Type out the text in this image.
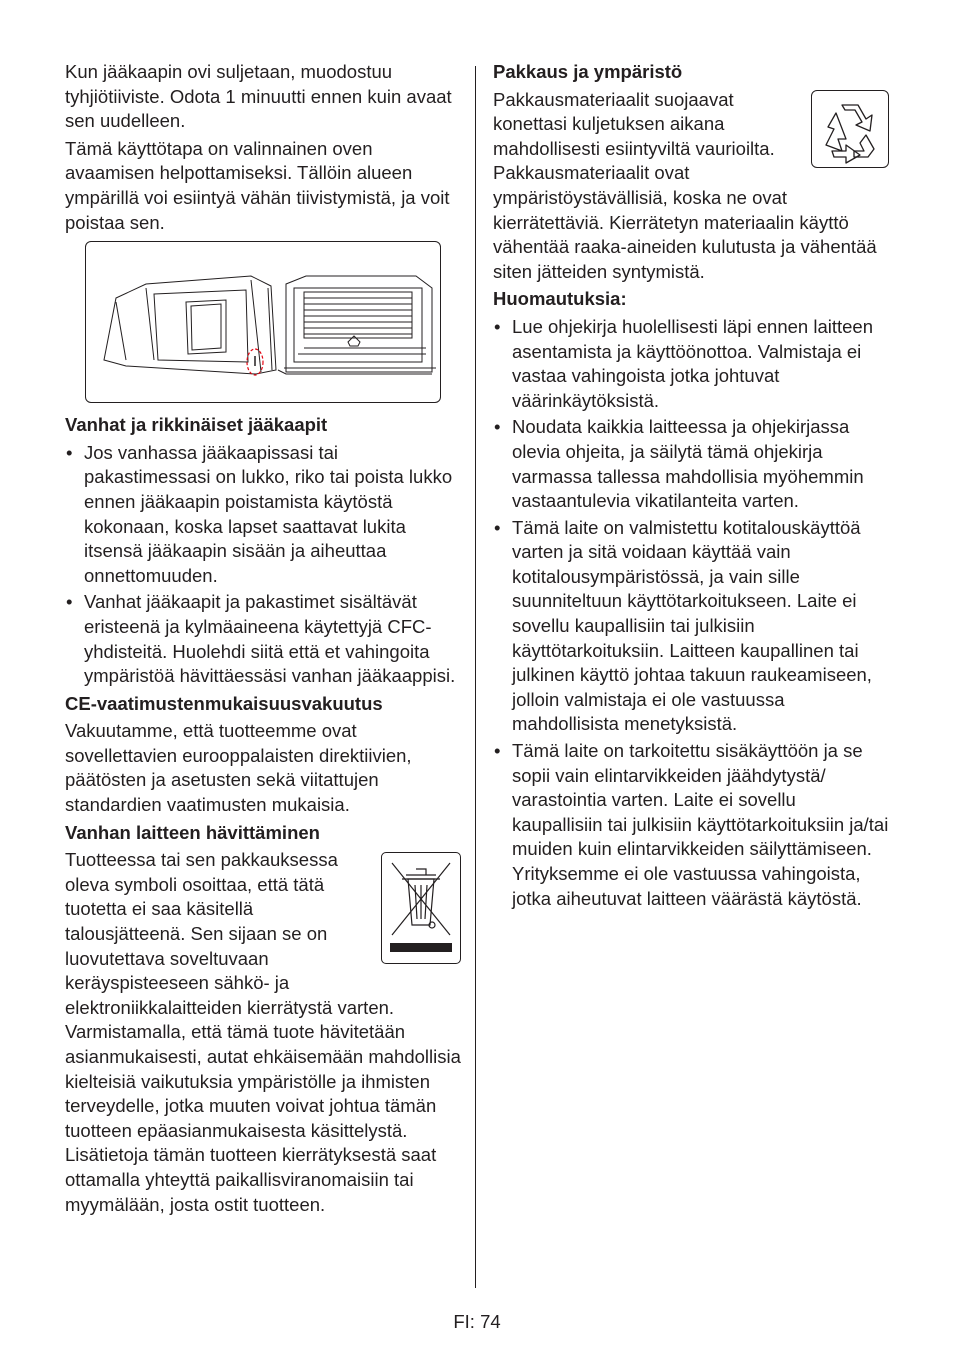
Kun jääkaapin ovi suljetaan, muodostuu tyhjiötiiviste. Odota 1 minuutti ennen kuin avaat sen uudelleen.

Tämä käyttötapa on valinnainen oven avaamisen helpottamiseksi. Tällöin alueen ympärillä voi esiintyä vähän tiivistymistä, ja voit poistaa sen.

Vanhat ja rikkinäiset jääkaapit
• Jos vanhassa jääkaapissasi tai pakastimessasi on lukko, riko tai poista lukko ennen jääkaapin poistamista käytöstä kokonaan, koska lapset saattavat lukita itsensä jääkaapin sisään ja aiheuttaa onnettomuuden.
• Vanhat jääkaapit ja pakastimet sisältävät eristeenä ja kylmäaineena käytettyjä CFC-yhdisteitä. Huolehdi siitä että et vahingoita ympäristöä hävittäessäsi vanhan jääkaappisi.
CE-vaatimustenmukaisuusvakuutus

Vakuutamme, että tuotteemme ovat sovellettavien eurooppalaisten direktiivien, päätösten ja asetusten sekä viitattujen standardien vaatimusten mukaisia.

Vanhan laitteen hävittäminen

Tuotteessa tai sen pakkauksessa oleva symboli osoittaa, että tätä tuotetta ei saa käsitellä talousjätteenä. Sen sijaan se on luovutettava soveltuvaan keräyspisteeseen sähkö- ja elektroniikkalaitteiden kierrätystä varten. Varmistamalla, että tämä tuote hävitetään asianmukaisesti, autat ehkäisemään mahdollisia kielteisiä vaikutuksia ympäristölle ja ihmisten terveydelle, jotka muuten voivat johtua tämän tuotteen epäasianmukaisesta käsittelystä. Lisätietoja tämän tuotteen kierrätyksestä saat ottamalla yhteyttä paikallisviranomaisiin tai myymälään, josta ostit tuotteen.

Pakkaus ja ympäristö

Pakkausmateriaalit suojaavat konettasi kuljetuksen aikana mahdollisesti esiintyviltä vaurioilta. Pakkausmateriaalit ovat ympäristöystävällisiä, koska ne ovat kierrätettäviä. Kierrätetyn materiaalin käyttö vähentää raaka-aineiden kulutusta ja vähentää siten jätteiden syntymistä.

Huomautuksia:
• Lue ohjekirja huolellisesti läpi ennen laitteen asentamista ja käyttöönottoa. Valmistaja ei vastaa vahingoista jotka johtuvat väärinkäytöksistä.
• Noudata kaikkia laitteessa ja ohjekirjassa olevia ohjeita, ja säilytä tämä ohjekirja varmassa tallessa mahdollisia myöhemmin vastaantulevia vikatilanteita varten.
• Tämä laite on valmistettu kotitalouskäyttöä varten ja sitä voidaan käyttää vain kotitalousympäristössä, ja vain sille suunniteltuun käyttötarkoitukseen. Laite ei sovellu kaupallisiin tai julkisiin käyttötarkoituksiin. Laitteen kaupallinen tai julkinen käyttö johtaa takuun raukeamiseen, jolloin valmistaja ei ole vastuussa mahdollisista menetyksistä.
• Tämä laite on tarkoitettu sisäkäyttöön ja se sopii vain elintarvikkeiden jäähdytystä/ varastointia varten. Laite ei sovellu kaupallisiin tai julkisiin käyttötarkoituksiin ja/tai muiden kuin elintarvikkeiden säilyttämiseen. Yrityksemme ei ole vastuussa vahingoista, jotka aiheutuvat laitteen väärästä käytöstä.
FI: 74
